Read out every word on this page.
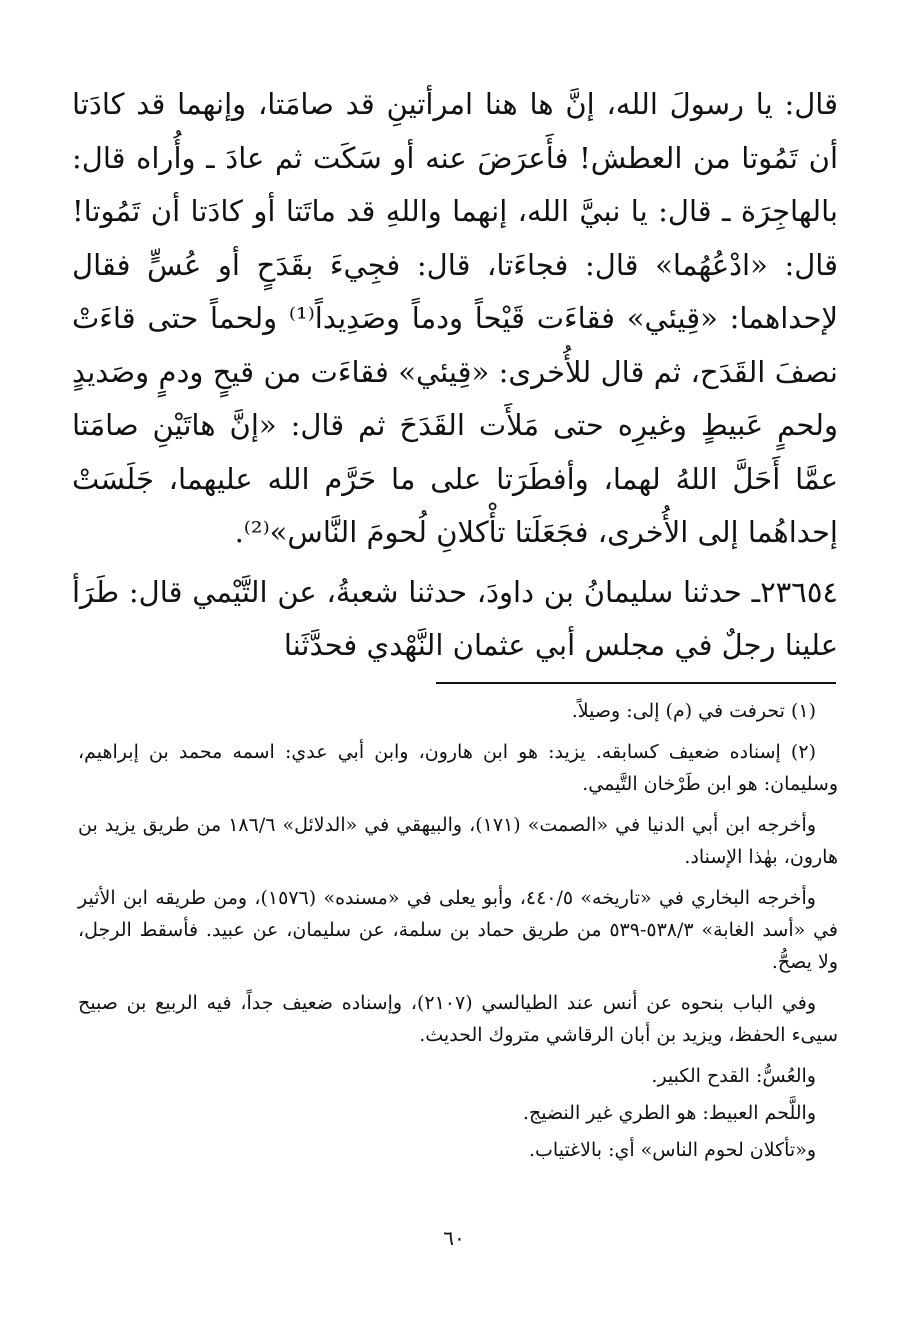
قال: يا رسولَ الله، إنَّ ها هنا امرأتينِ قد صامَتا، وإنهما قد كادَتا أن تَمُوتا من العطش! فأَعرَضَ عنه أو سَكَت ثم عادَ ـ وأُراه قال: بالهاجِرَة ـ قال: يا نبيَّ الله، إنهما واللهِ قد ماتَتا أو كادَتا أن تَمُوتا! قال: «ادْعُهُما» قال: فجاءَتا، قال: فجِيءَ بقَدَحٍ أو عُسٍّ فقال لإحداهما: «قِيئي» فقاءَت قَيْحاً ودماً وصَدِيداً⁽¹⁾ ولحماً حتى قاءَتْ نصفَ القَدَح، ثم قال للأُخرى: «قِيئي» فقاءَت من قيحٍ ودمٍ وصَديدٍ ولحمٍ عَبيطٍ وغيرِه حتى مَلأَت القَدَحَ ثم قال: «إنَّ هاتَيْنِ صامَتا عمَّا أَحَلَّ اللهُ لهما، وأفطَرَتا على ما حَرَّم الله عليهما، جَلَسَتْ إحداهُما إلى الأُخرى، فجَعَلَتا تأْكلانِ لُحومَ النَّاس»⁽²⁾.

٢٣٦٥٤ـ حدثنا سليمانُ بن داودَ، حدثنا شعبةُ، عن التَّيْمي قال: طَرَأ علينا رجلٌ في مجلس أبي عثمان النَّهْدي فحدَّثَنا

(١) تحرفت في (م) إلى: وصيلاً.

(٢) إسناده ضعيف كسابقه. يزيد: هو ابن هارون، وابن أبي عدي: اسمه محمد بن إبراهيم، وسليمان: هو ابن طَرْخان التَّيمي.

وأخرجه ابن أبي الدنيا في «الصمت» (١٧١)، والبيهقي في «الدلائل» ١٨٦/٦ من طريق يزيد بن هارون، بهٰذا الإسناد.

وأخرجه البخاري في «تاريخه» ٤٤٠/٥، وأبو يعلى في «مسنده» (١٥٧٦)، ومن طريقه ابن الأثير في «أسد الغابة» ٥٣٨/٣-٥٣٩ من طريق حماد بن سلمة، عن سليمان، عن عبيد. فأسقط الرجل، ولا يصحُّ.

وفي الباب بنحوه عن أنس عند الطيالسي (٢١٠٧)، وإسناده ضعيف جداً، فيه الربيع بن صبيح سيىء الحفظ، ويزيد بن أبان الرقاشي متروك الحديث.

والعُسُّ: القدح الكبير.

واللَّحم العبيط: هو الطري غير النضيج.

و«تأكلان لحوم الناس» أي: بالاغتياب.

٦٠
